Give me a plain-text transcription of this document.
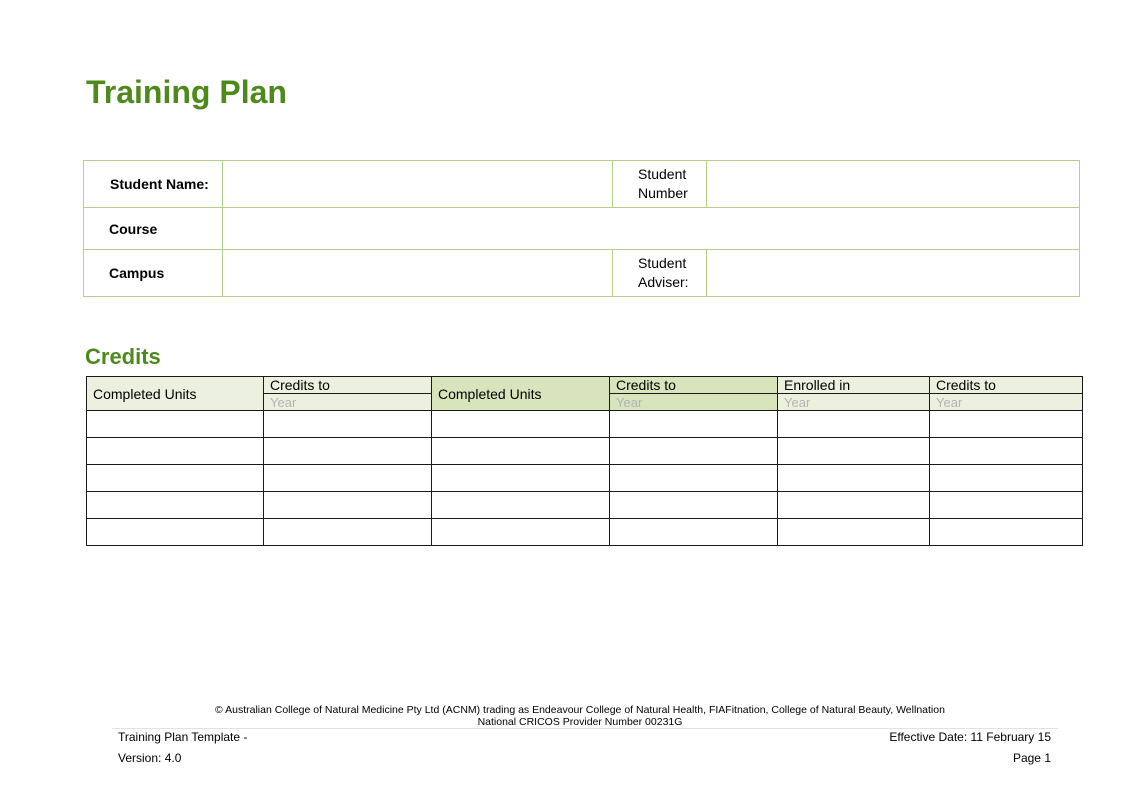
Training Plan
Student Name:		Student
Number	

Course			
Campus		Student
Adviser:	

Credits
Completed Units	Credits to	Completed Units	Credits to	Enrolled in	Credits to
	Year		Year	Year	Year

© Australian College of Natural Medicine Pty Ltd (ACNM) trading as Endeavour College of Natural Health, FIAFitnation, College of Natural Beauty, Wellnation
National CRICOS Provider Number 00231G
Training Plan Template -
Version: 4.0
Effective Date: 11 February 15
Page 1
